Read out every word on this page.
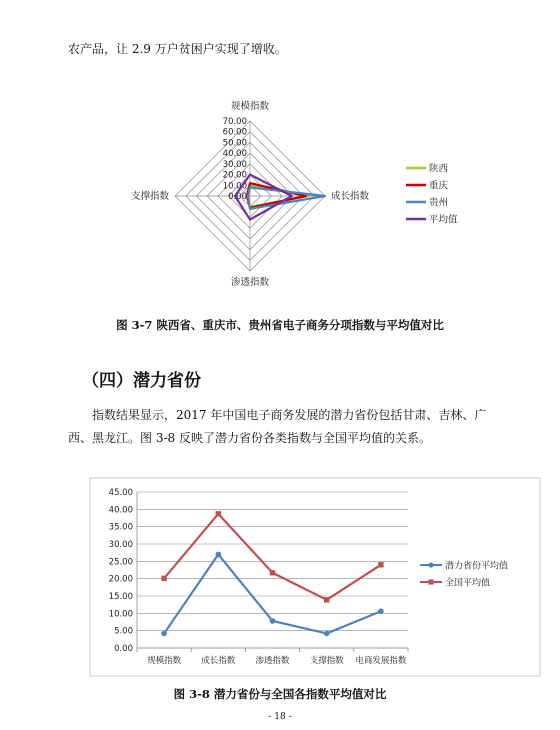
农产品，让 2.9 万户贫困户实现了增收。

0.00
10.00
20.00
30.00
40.00
50.00
60.00
70.00
规模指数
成长指数
渗透指数
支撑指数
陕西
重庆
贵州
平均值
图 3-7 陕西省、重庆市、贵州省电子商务分项指数与平均值对比
（四）潜力省份

指数结果显示，2017 年中国电子商务发展的潜力省份包括甘肃、吉林、广西、黑龙江。图 3-8 反映了潜力省份各类指数与全国平均值的关系。

0.00
5.00
10.00
15.00
20.00
25.00
30.00
35.00
40.00
45.00
规模指数 成长指数 渗透指数 支撑指数 电商发展指数
潜力省份平均值
全国平均值
图 3-8 潜力省份与全国各指数平均值对比
- 18 -
